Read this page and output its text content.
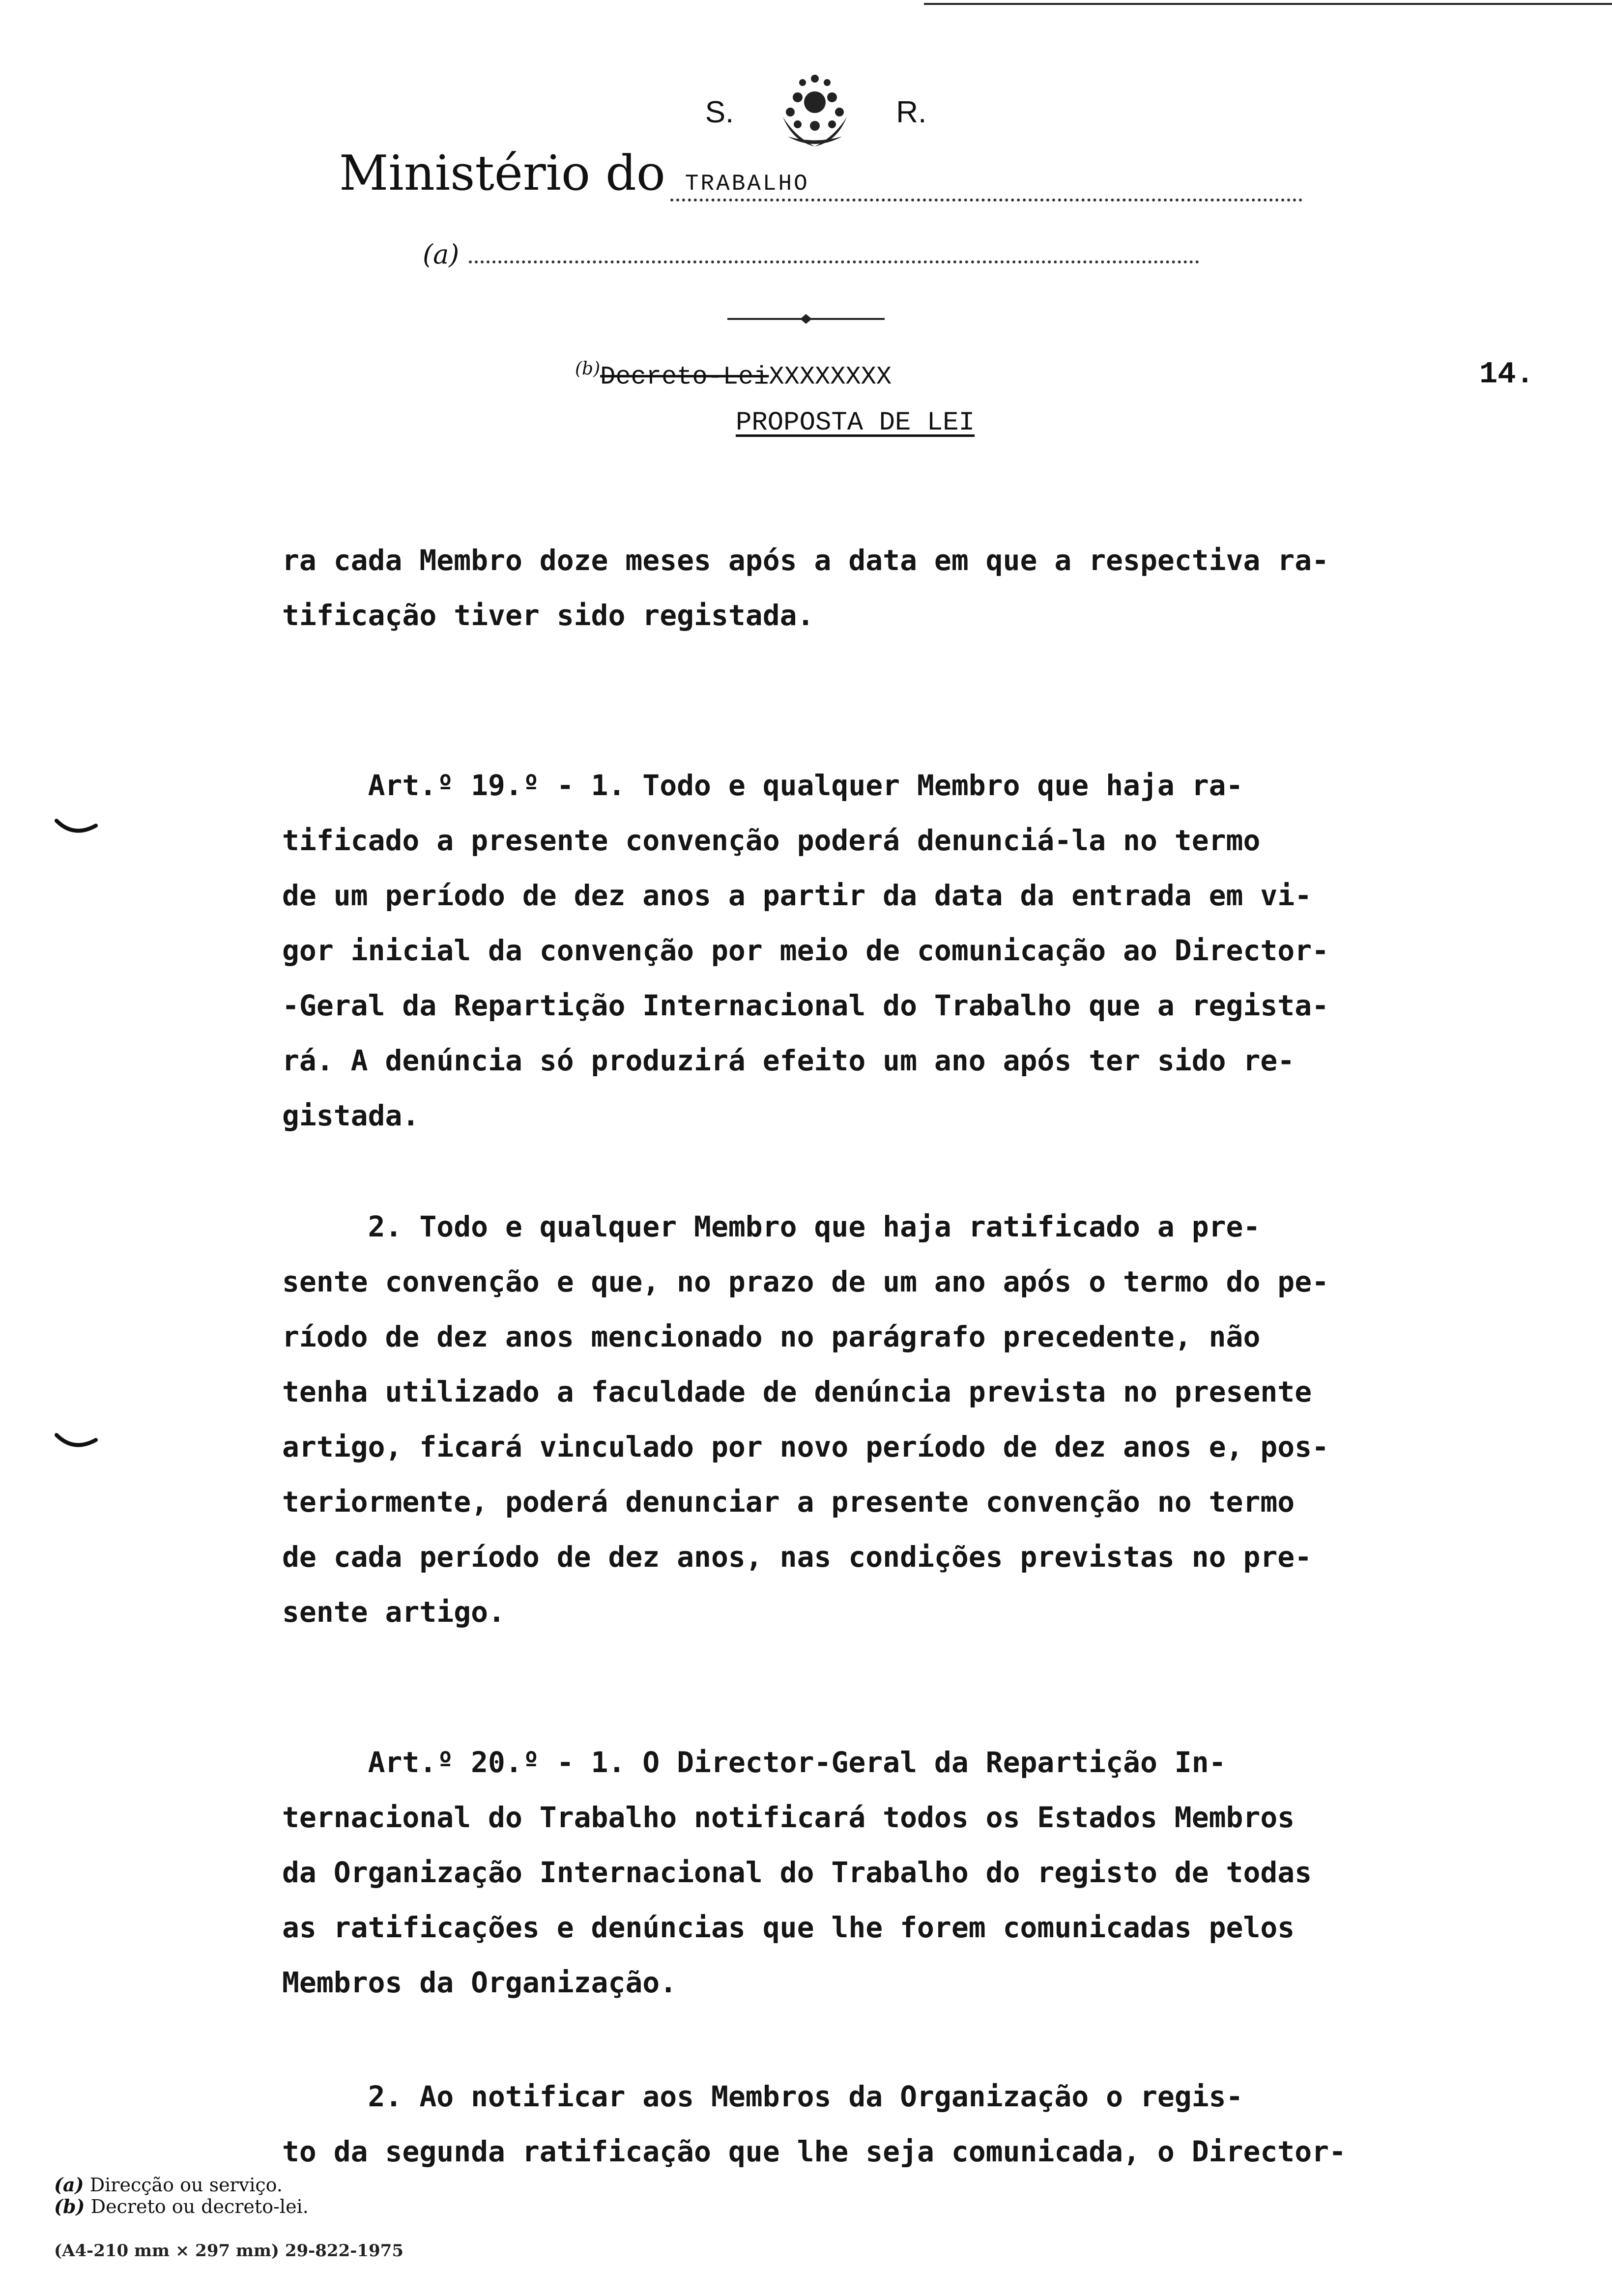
S.	R.
Ministério do TRABALHO
(a)
$^{(b)}$Decreto-LeiXXXXXXXX	14.
PROPOSTA DE LEI
ra cada Membro doze meses após a data em que a respectiva ra-
tificação tiver sido registada.
Art.º 19.º - 1. Todo e qualquer Membro que haja ra-
tificado a presente convenção poderá denunciá-la no termo
de um período de dez anos a partir da data da entrada em vi-
gor inicial da convenção por meio de comunicação ao Director-
-Geral da Repartição Internacional do Trabalho que a registа-
rá. A denúncia só produzirá efeito um ano após ter sido re-
gistada.
2. Todo e qualquer Membro que haja ratificado a pre-
sente convenção e que, no prazo de um ano após o termo do pe-
ríodo de dez anos mencionado no parágrafo precedente, não
tenha utilizado a faculdade de denúncia prevista no presente
artigo, ficará vinculado por novo período de dez anos e, pos-
teriormente, poderá denunciar a presente convenção no termo
de cada período de dez anos, nas condições previstas no pre-
sente artigo.
Art.º 20.º - 1. O Director-Geral da Repartição In-
ternacional do Trabalho notificará todos os Estados Membros
da Organização Internacional do Trabalho do registo de todas
as ratificações e denúncias que lhe forem comunicadas pelos
Membros da Organização.
2. Ao notificar aos Membros da Organização o regis-
to da segunda ratificação que lhe seja comunicada, o Director-
(a) Direcção ou serviço.
(b) Decreto ou decreto-lei.
(A4-210 mm × 297 mm) 29-822-1975
